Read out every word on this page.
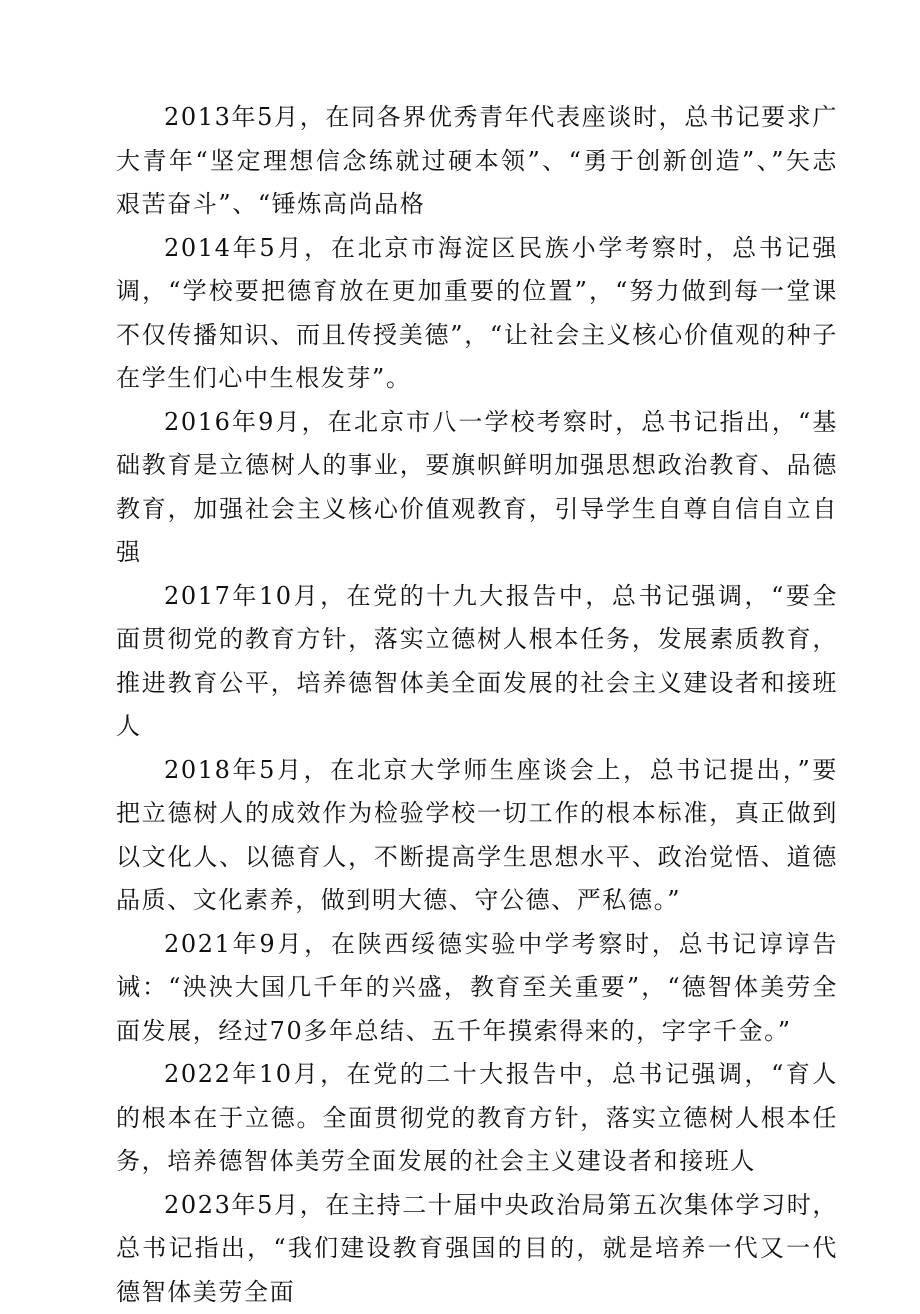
2013年5月，在同各界优秀青年代表座谈时，总书记要求广大青年“坚定理想信念练就过硬本领”、“勇于创新创造”、”矢志艰苦奋斗”、“锤炼高尚品格

2014年5月，在北京市海淀区民族小学考察时，总书记强调，“学校要把德育放在更加重要的位置”，“努力做到每一堂课不仅传播知识、而且传授美德”，“让社会主义核心价值观的种子在学生们心中生根发芽”。

2016年9月，在北京市八一学校考察时，总书记指出，“基础教育是立德树人的事业，要旗帜鲜明加强思想政治教育、品德教育，加强社会主义核心价值观教育，引导学生自尊自信自立自强

2017年10月，在党的十九大报告中，总书记强调，“要全面贯彻党的教育方针，落实立德树人根本任务，发展素质教育，推进教育公平，培养德智体美全面发展的社会主义建设者和接班人

2018年5月，在北京大学师生座谈会上，总书记提出，”要把立德树人的成效作为检验学校一切工作的根本标准，真正做到以文化人、以德育人，不断提高学生思想水平、政治觉悟、道德品质、文化素养，做到明大德、守公德、严私德。”

2021年9月，在陕西绥德实验中学考察时，总书记谆谆告诫：“泱泱大国几千年的兴盛，教育至关重要”，“德智体美劳全面发展，经过70多年总结、五千年摸索得来的，字字千金。”

2022年10月，在党的二十大报告中，总书记强调，“育人的根本在于立德。全面贯彻党的教育方针，落实立德树人根本任务，培养德智体美劳全面发展的社会主义建设者和接班人

2023年5月，在主持二十届中央政治局第五次集体学习时，总书记指出，“我们建设教育强国的目的，就是培养一代又一代德智体美劳全面
